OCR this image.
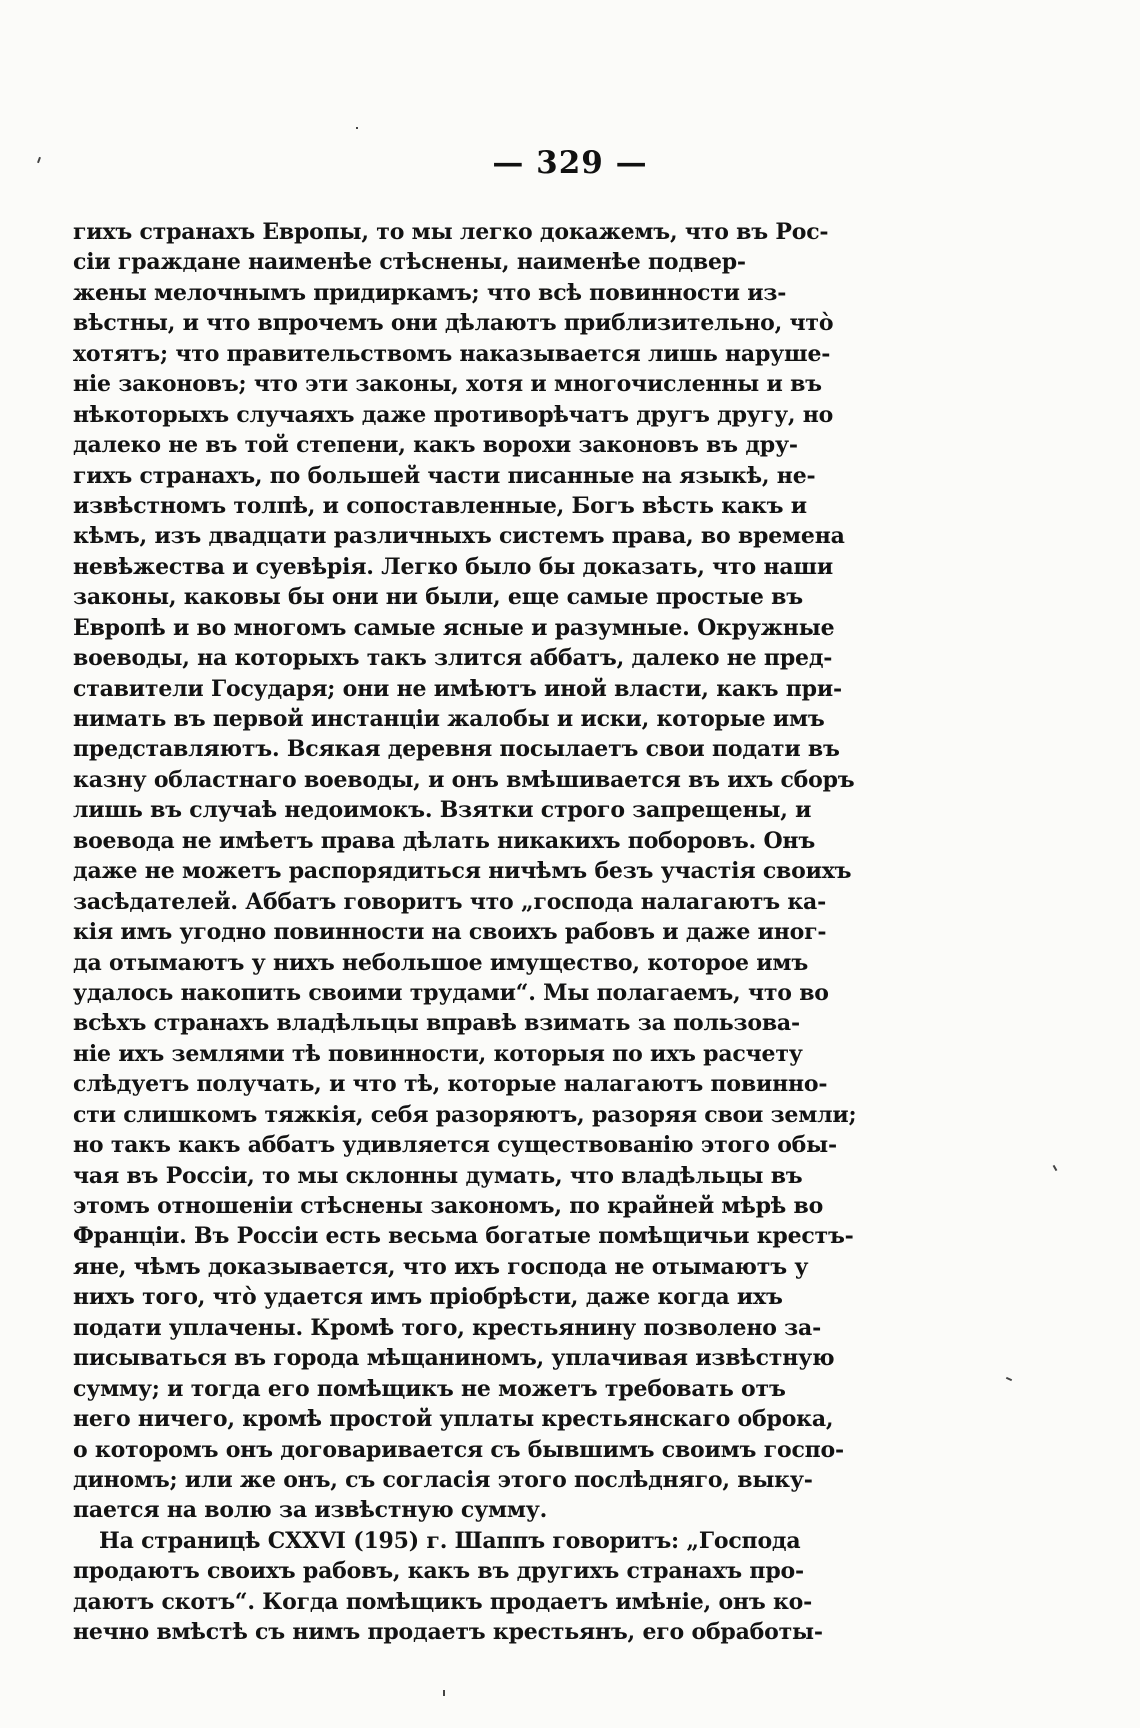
— 329 —
гихъ странахъ Европы, то мы легко докажемъ, что въ Рос-
сіи граждане наименѣе стѣснены, наименѣе подвер-
жены мелочнымъ придиркамъ; что всѣ повинности из-
вѣстны, и что впрочемъ они дѣлаютъ приблизительно, что̀
хотятъ; что правительствомъ наказывается лишь наруше-
ніе законовъ; что эти законы, хотя и многочисленны и въ
нѣкоторыхъ случаяхъ даже противорѣчатъ другъ другу, но
далеко не въ той степени, какъ ворохи законовъ въ дру-
гихъ странахъ, по большей части писанные на языкѣ, не-
извѣстномъ толпѣ, и сопоставленные, Богъ вѣсть какъ и
кѣмъ, изъ двадцати различныхъ системъ права, во времена
невѣжества и суевѣрія. Легко было бы доказать, что наши
законы, каковы бы они ни были, еще самые простые въ
Европѣ и во многомъ самые ясные и разумные. Окружные
воеводы, на которыхъ такъ злится аббатъ, далеко не пред-
ставители Государя; они не имѣютъ иной власти, какъ при-
нимать въ первой инстанціи жалобы и иски, которые имъ
представляютъ. Всякая деревня посылаетъ свои подати въ
казну областнаго воеводы, и онъ вмѣшивается въ ихъ сборъ
лишь въ случаѣ недоимокъ. Взятки строго запрещены, и
воевода не имѣетъ права дѣлать никакихъ поборовъ. Онъ
даже не можетъ распорядиться ничѣмъ безъ участія своихъ
засѣдателей. Аббатъ говоритъ что „господа налагаютъ ка-
кія имъ угодно повинности на своихъ рабовъ и даже иног-
да отымаютъ у нихъ небольшое имущество, которое имъ
удалось накопить своими трудами“. Мы полагаемъ, что во
всѣхъ странахъ владѣльцы вправѣ взимать за пользова-
ніе ихъ землями тѣ повинности, которыя по ихъ расчету
слѣдуетъ получать, и что тѣ, которые налагаютъ повинно-
сти слишкомъ тяжкія, себя разоряютъ, разоряя свои земли;
но такъ какъ аббатъ удивляется существованію этого обы-
чая въ Россіи, то мы склонны думать, что владѣльцы въ
этомъ отношеніи стѣснены закономъ, по крайней мѣрѣ во
Франціи. Въ Россіи есть весьма богатые помѣщичьи крестъ-
яне, чѣмъ доказывается, что ихъ господа не отымаютъ у
нихъ того, что̀ удается имъ пріобрѣсти, даже когда ихъ
подати уплачены. Кромѣ того, крестьянину позволено за-
писываться въ города мѣщаниномъ, уплачивая извѣстную
сумму; и тогда его помѣщикъ не можетъ требовать отъ
него ничего, кромѣ простой уплаты крестьянскаго оброка,
о которомъ онъ договаривается съ бывшимъ своимъ госпо-
диномъ; или же онъ, съ согласія этого послѣдняго, выку-
пается на волю за извѣстную сумму.
На страницѣ CXXVI (195) г. Шаппъ говоритъ: „Господа
продаютъ своихъ рабовъ, какъ въ другихъ странахъ про-
даютъ скотъ“. Когда помѣщикъ продаетъ имѣніе, онъ ко-
нечно вмѣстѣ съ нимъ продаетъ крестьянъ, его обработы-
